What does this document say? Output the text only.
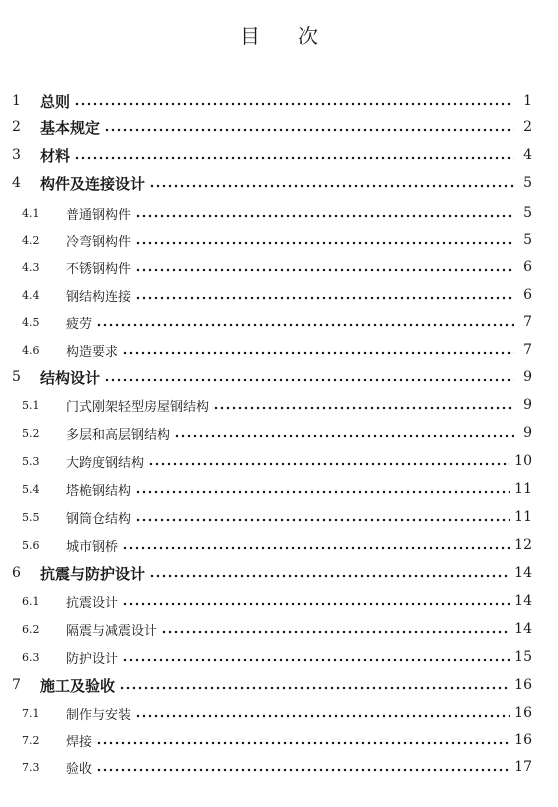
目 次
1	总则	1
2	基本规定	2
3	材料	4
4	构件及连接设计	5
4.1	普通钢构件	5
4.2	冷弯钢构件	5
4.3	不锈钢构件	6
4.4	钢结构连接	6
4.5	疲劳	7
4.6	构造要求	7
5	结构设计	9
5.1	门式刚架轻型房屋钢结构	9
5.2	多层和高层钢结构	9
5.3	大跨度钢结构	10
5.4	塔桅钢结构	11
5.5	钢筒仓结构	11
5.6	城市钢桥	12
6	抗震与防护设计	14
6.1	抗震设计	14
6.2	隔震与减震设计	14
6.3	防护设计	15
7	施工及验收	16
7.1	制作与安装	16
7.2	焊接	16
7.3	验收	17
